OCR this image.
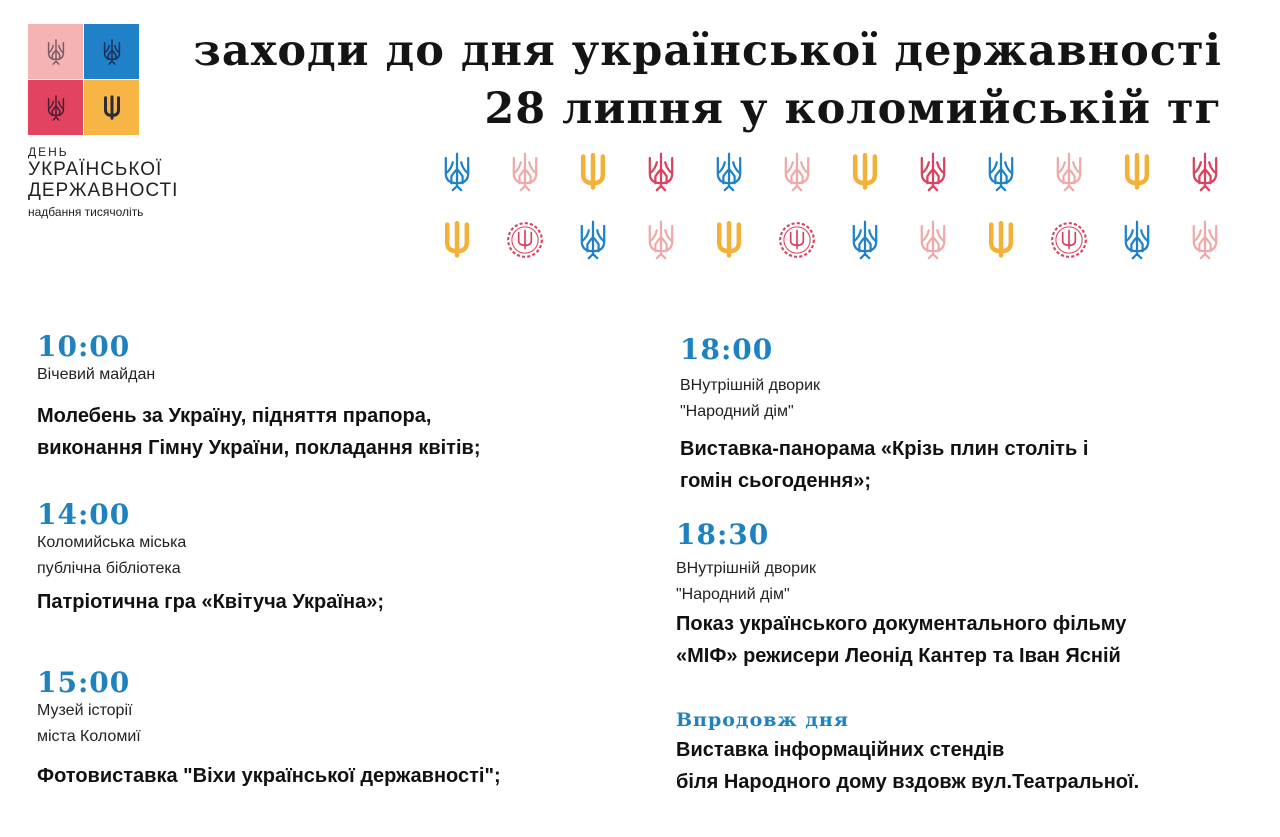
ДЕНЬ
УКРАЇНСЬКОЇ
ДЕРЖАВНОСТІ
надбання тисячоліть
заходи до дня української державності
28 липня у коломийській тг
10:00
Вічевий майдан
Молебень за Україну, підняття прапора,
виконання Гімну України, покладання квітів;
14:00
Коломийська міська
публічна бібліотека
Патріотична гра «Квітуча Україна»;
15:00
Музей історії
міста Коломиї
Фотовиставка "Віхи української державності";
18:00
ВНутрішній дворик
"Народний дім"
Виставка-панорама «Крізь плин століть і
гомін сьогодення»;
18:30
ВНутрішній дворик
"Народний дім"
Показ українського документального фільму
«МІФ» режисери Леонід Кантер та Іван Ясній
Впродовж дня
Виставка інформаційних стендів
біля Народного дому вздовж вул.Театральної.
